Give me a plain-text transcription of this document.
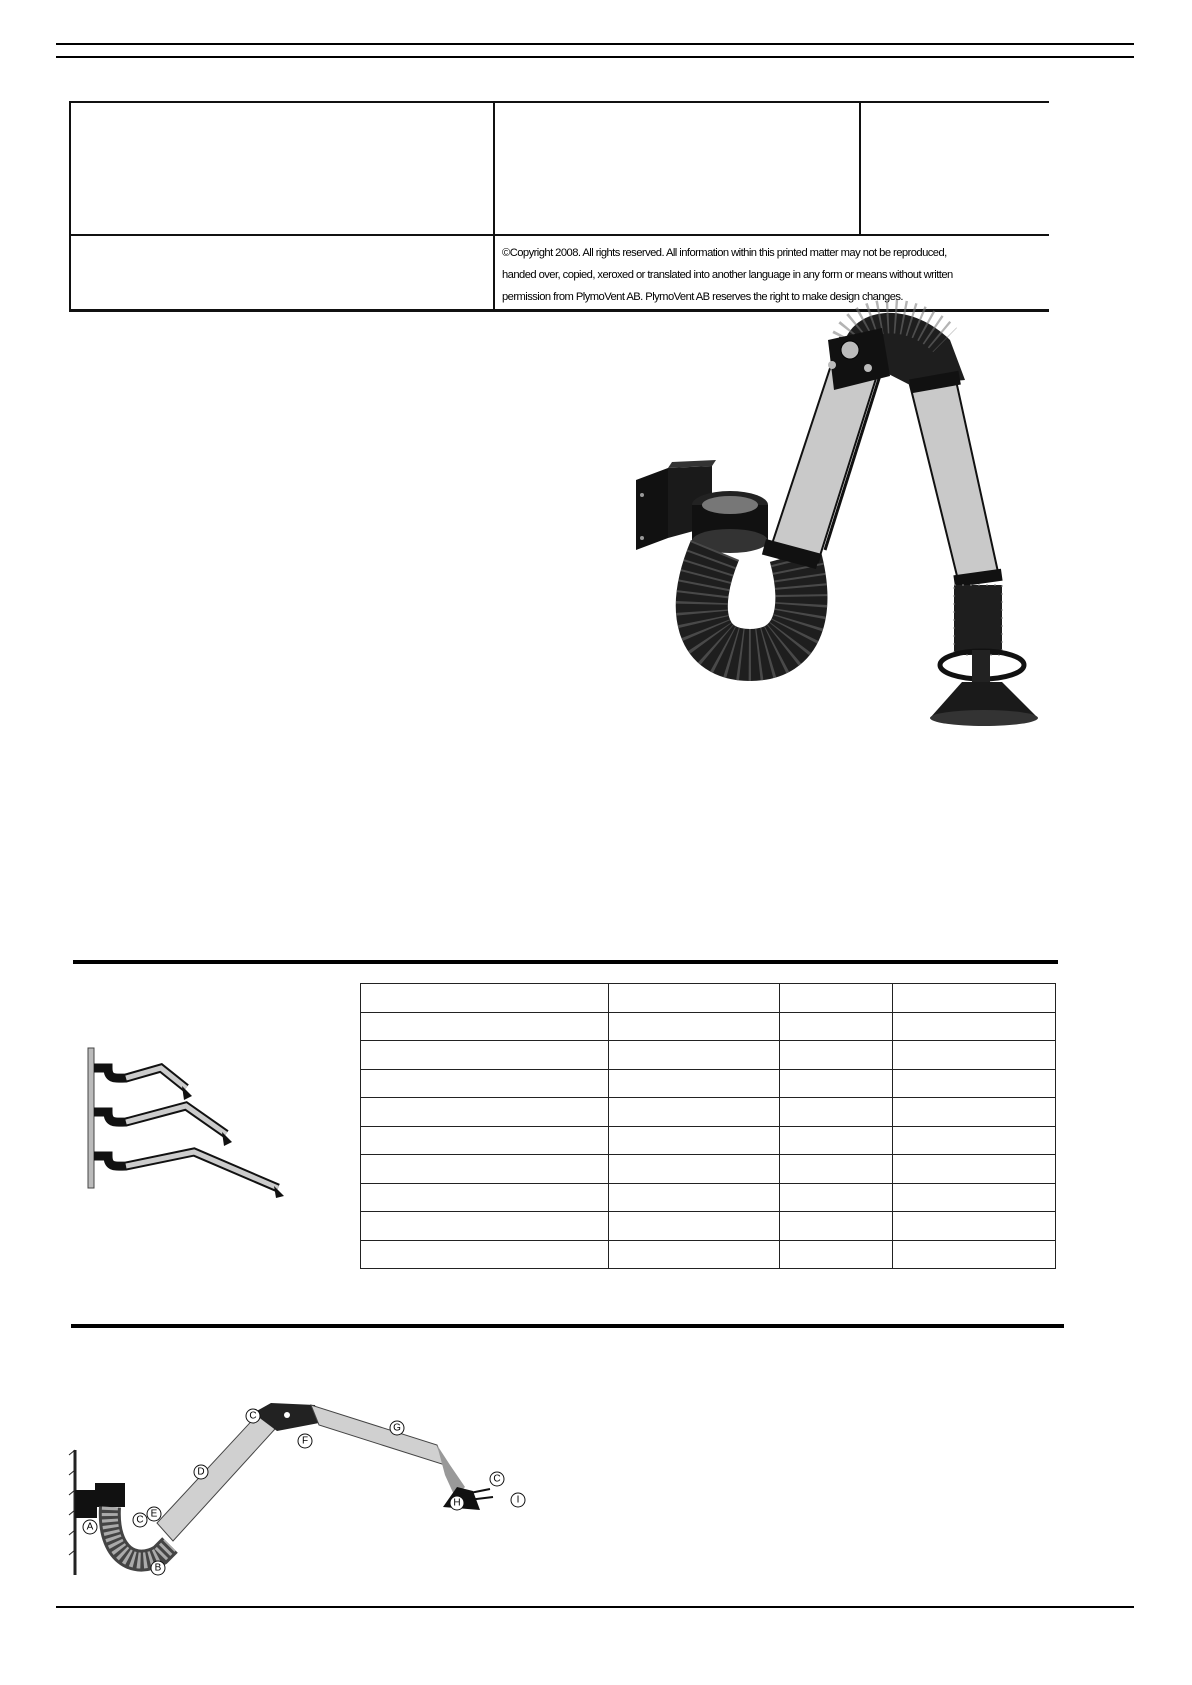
©Copyright 2008. All rights reserved. All information within this printed matter may not be reproduced,

handed over, copied, xeroxed or translated into another language in any form or means without written

permission from PlymoVent AB. PlymoVent AB reserves the right to make design changes.

A
B
C
D
E
C
F
G
C
H	I
